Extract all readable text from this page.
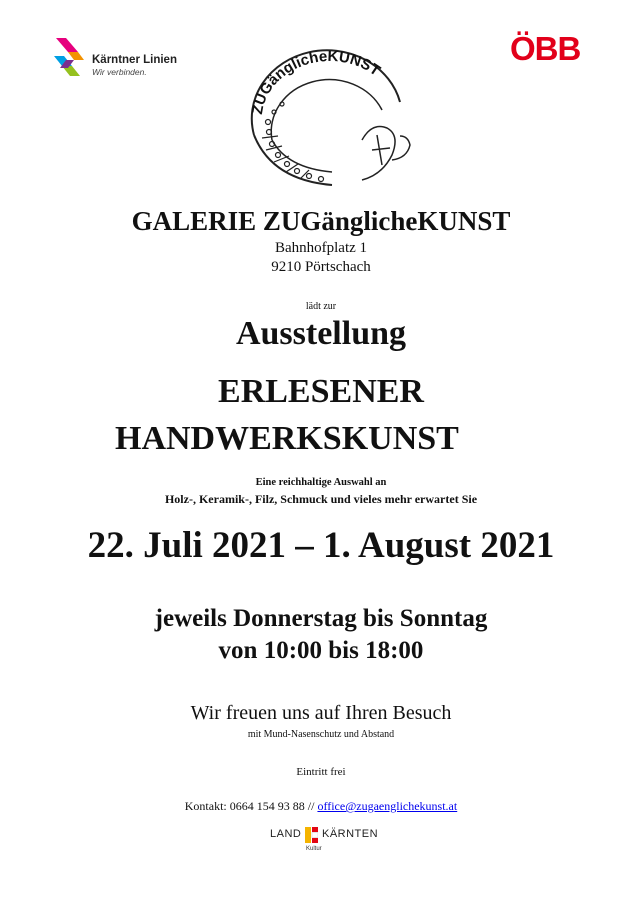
Kärntner Linien
Wir verbinden.
ÖBB
ZUGänglicheKUNST
GALERIE ZUGänglicheKUNST
Bahnhofplatz 1
9210 Pörtschach
lädt zur
Ausstellung
ERLESENER
HANDWERKSKUNST
Eine reichhaltige Auswahl an
Holz-, Keramik-, Filz, Schmuck und vieles mehr erwartet Sie
22. Juli 2021 – 1. August 2021
jeweils Donnerstag bis Sonntag
von 10:00 bis 18:00
Wir freuen uns auf Ihren Besuch
mit Mund-Nasenschutz und Abstand
Eintritt frei
Kontakt: 0664 154 93 88 // office@zugaenglichekunst.at
LAND KÄRNTEN
Kultur
